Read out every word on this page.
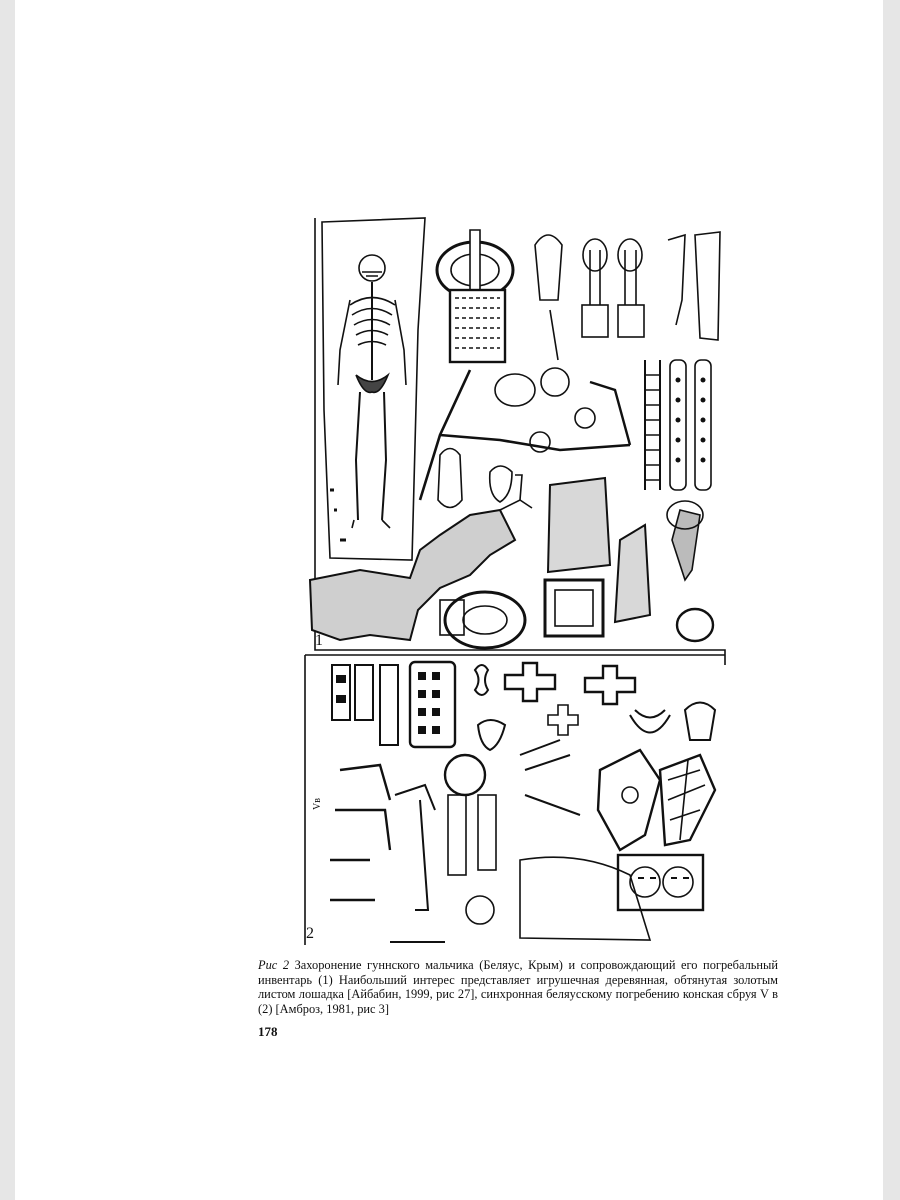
1
2
Vв
Рис 2 Захоронение гуннского мальчика (Беляус, Крым) и сопровождающий его погребальный инвентарь (1) Наибольший интерес представляет игрушечная деревянная, обтянутая золотым листом лошадка [Айбабин, 1999, рис 27], синхронная беляусскому погребению конская сбруя V в (2) [Амброз, 1981, рис 3]
178
